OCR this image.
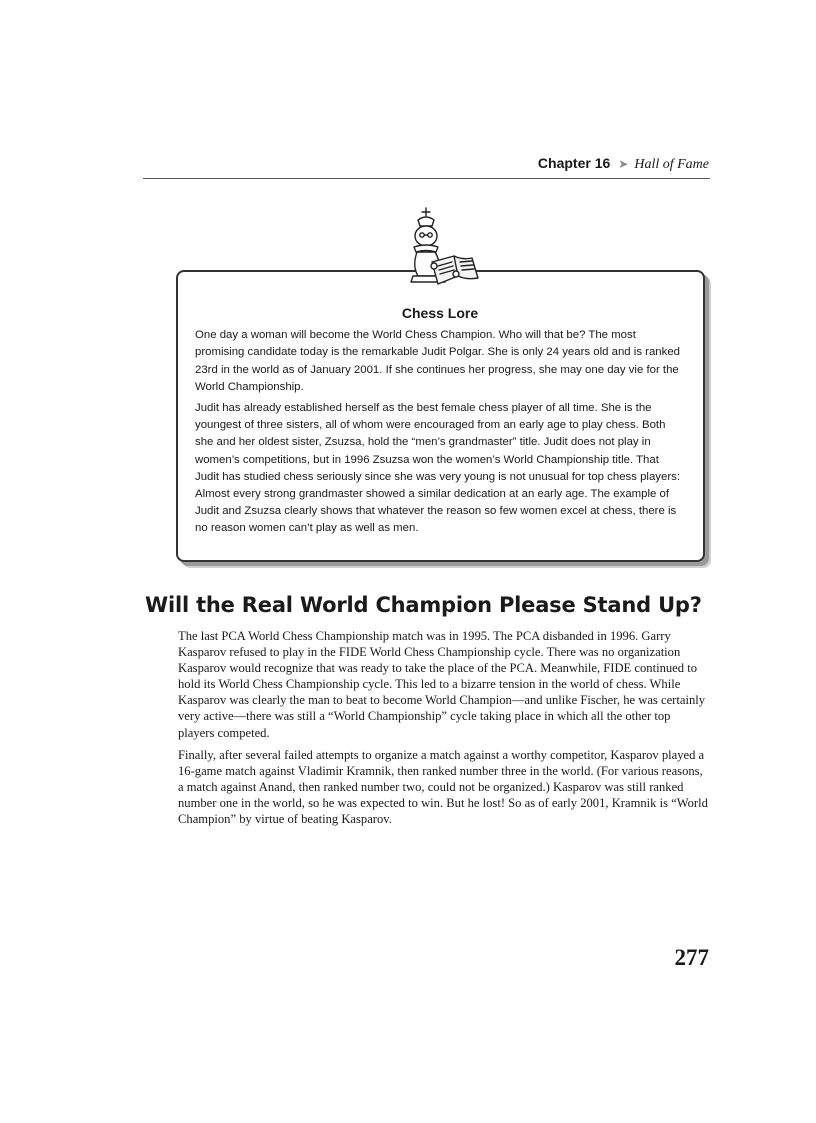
Chapter 16 ➤ Hall of Fame
Chess Lore

One day a woman will become the World Chess Champion. Who will that be? The most promising candidate today is the remarkable Judit Polgar. She is only 24 years old and is ranked 23rd in the world as of January 2001. If she continues her progress, she may one day vie for the World Championship.

Judit has already established herself as the best female chess player of all time. She is the youngest of three sisters, all of whom were encouraged from an early age to play chess. Both she and her oldest sister, Zsuzsa, hold the “men’s grandmaster” title. Judit does not play in women’s competitions, but in 1996 Zsuzsa won the women’s World Championship title. That Judit has studied chess seriously since she was very young is not unusual for top chess players: Almost every strong grandmaster showed a similar dedication at an early age. The example of Judit and Zsuzsa clearly shows that whatever the reason so few women excel at chess, there is no reason women can’t play as well as men.

Will the Real World Champion Please Stand Up?

The last PCA World Chess Championship match was in 1995. The PCA disbanded in 1996. Garry Kasparov refused to play in the FIDE World Chess Championship cycle. There was no organization Kasparov would recognize that was ready to take the place of the PCA. Meanwhile, FIDE continued to hold its World Chess Championship cycle. This led to a bizarre tension in the world of chess. While Kasparov was clearly the man to beat to become World Champion—and unlike Fischer, he was certainly very active—there was still a “World Championship” cycle taking place in which all the other top players competed.

Finally, after several failed attempts to organize a match against a worthy competitor, Kasparov played a 16-game match against Vladimir Kramnik, then ranked number three in the world. (For various reasons, a match against Anand, then ranked number two, could not be organized.) Kasparov was still ranked number one in the world, so he was expected to win. But he lost! So as of early 2001, Kramnik is “World Champion” by virtue of beating Kasparov.

277
